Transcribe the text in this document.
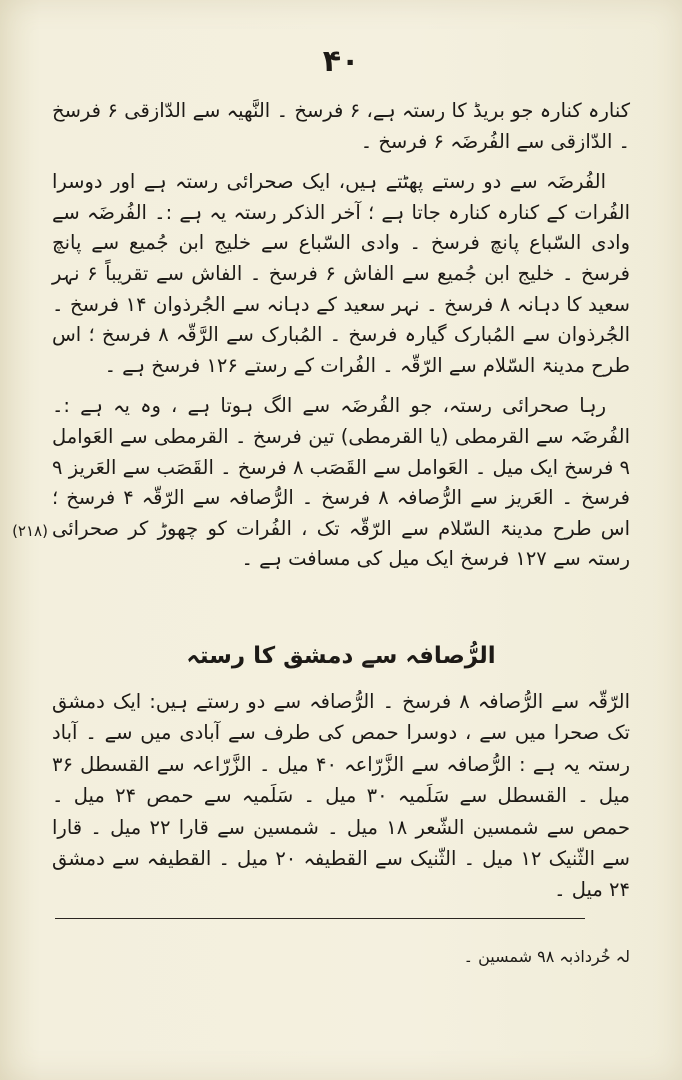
۴۰

کنارہ کنارہ جو بریڈ کا رستہ ہے، ۶ فرسخ ۔ النَّھیہ سے الدّازقی ۶ فرسخ ۔ الدّازقی سے الفُرضَہ ۶ فرسخ ۔

الفُرضَہ سے دو رستے پھٹتے ہیں، ایک صحرائی رستہ ہے اور دوسرا الفُرات کے کنارہ کنارہ جاتا ہے ؛ آخر الذکر رستہ یہ ہے :۔ الفُرضَہ سے وادی السّباع پانچ فرسخ ۔ وادی السّباع سے خلیج ابن جُمیع سے پانچ فرسخ ۔ خلیج ابن جُمیع سے الفاش ۶ فرسخ ۔ الفاش سے تقریباً ۶ نہر سعید کا دہانہ ۸ فرسخ ۔ نہر سعید کے دہانہ سے الجُرذوان ۱۴ فرسخ ۔ الجُرذوان سے المُبارک گیارہ فرسخ ۔ المُبارک سے الرَّقّہ ۸ فرسخ ؛ اس طرح مدینۃ السّلام سے الرّقّہ ۔ الفُرات کے رستے ۱۲۶ فرسخ ہے ۔

رہا صحرائی رستہ، جو الفُرضَہ سے الگ ہوتا ہے ، وہ یہ ہے :۔ الفُرضَہ سے القرمطی (یا القرمطی) تین فرسخ ۔ القرمطی سے العَوامل ۹ فرسخ ایک میل ۔ العَوامل سے القَصَب ۸ فرسخ ۔ القَصَب سے العَریز ۹ فرسخ ۔ العَریز سے الرُّصافہ ۸ فرسخ ۔ الرُّصافہ سے الرّقّہ ۴ فرسخ ؛ اس طرح مدینۃ السّلام سے الرّقّہ تک ، الفُرات کو چھوڑ کر صحرائی رستہ سے ۱۲۷ فرسخ ایک میل کی مسافت ہے ۔

(۲۱۸)
الرُّصافہ سے دمشق کا رستہ

الرّقّہ سے الرُّصافہ ۸ فرسخ ۔ الرُّصافہ سے دو رستے ہیں: ایک دمشق تک صحرا میں سے ، دوسرا حمص کی طرف سے آبادی میں سے ۔ آباد رستہ یہ ہے : الرُّصافہ سے الزَّرّاعہ ۴۰ میل ۔ الزَّرّاعہ سے القسطل ۳۶ میل ۔ القسطل سے سَلَمیہ ۳۰ میل ۔ سَلَمیہ سے حمص ۲۴ میل ۔ حمص سے شمسین الشّعر ۱۸ میل ۔ شمسین سے قارا ۲۲ میل ۔ قارا سے الثّنیک ۱۲ میل ۔ الثّنیک سے القطیفہ ۲۰ میل ۔ القطیفہ سے دمشق ۲۴ میل ۔

لہ خُرداذبہ ۹۸ شمسین ۔
